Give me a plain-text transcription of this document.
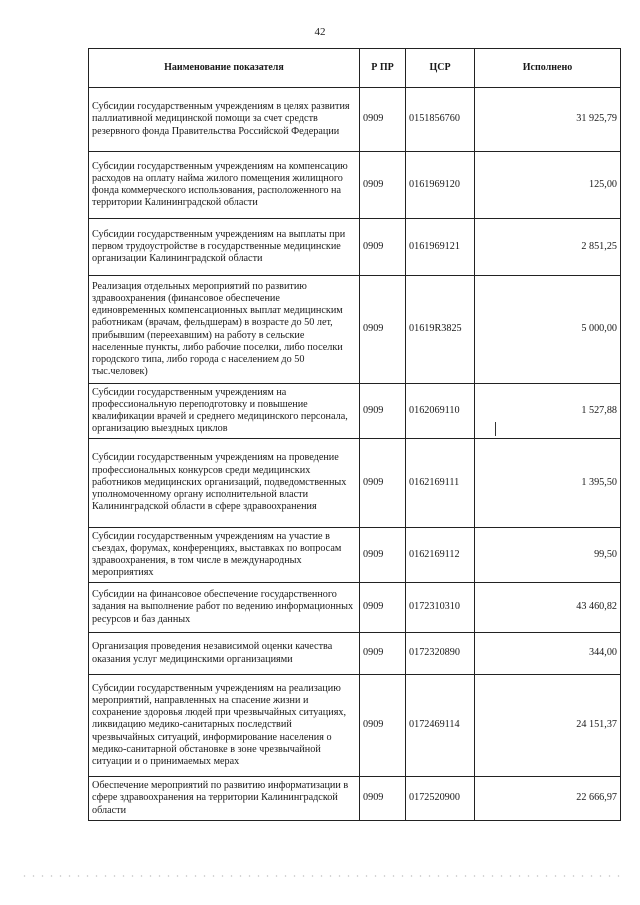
42
Наименование показателя	Р ПР	ЦСР	Исполнено
Субсидии государственным учреждениям в целях развития паллиативной медицинской помощи за счет средств резервного фонда Правительства Российской Федерации	0909	0151856760	31 925,79
Субсидии государственным учреждениям на компенсацию расходов на оплату найма жилого помещения жилищного фонда коммерческого использования, расположенного на территории Калининградской области	0909	0161969120	125,00
Субсидии государственным учреждениям на выплаты при первом трудоустройстве в государственные медицинские организации Калининградской области	0909	0161969121	2 851,25
Реализация отдельных мероприятий по развитию здравоохранения (финансовое обеспечение единовременных компенсационных выплат медицинским работникам (врачам, фельдшерам) в возрасте до 50 лет, прибывшим (переехавшим) на работу в сельские населенные пункты, либо рабочие поселки, либо поселки городского типа, либо города с населением до 50 тыс.человек)	0909	01619R3825	5 000,00
Субсидии государственным учреждениям на профессиональную переподготовку и повышение квалификации врачей и среднего медицинского персонала, организацию выездных циклов	0909	0162069110	1 527,88
Субсидии государственным учреждениям на проведение профессиональных конкурсов среди медицинских работников медицинских организаций, подведомственных уполномоченному органу исполнительной власти Калининградской области в сфере здравоохранения	0909	0162169111	1 395,50
Субсидии государственным учреждениям на участие в съездах, форумах, конференциях, выставках по вопросам здравоохранения, в том числе в международных мероприятиях	0909	0162169112	99,50
Субсидии на финансовое обеспечение государственного задания на выполнение работ по ведению информационных ресурсов и баз данных	0909	0172310310	43 460,82
Организация проведения независимой оценки качества оказания услуг медицинскими организациями	0909	0172320890	344,00
Субсидии государственным учреждениям на реализацию мероприятий, направленных на спасение жизни и сохранение здоровья людей при чрезвычайных ситуациях, ликвидацию медико-санитарных последствий чрезвычайных ситуаций, информирование населения о медико-санитарной обстановке в зоне чрезвычайной ситуации и о принимаемых мерах	0909	0172469114	24 151,37
Обеспечение мероприятий по развитию информатизации в сфере здравоохранения на территории Калининградской области	0909	0172520900	22 666,97
